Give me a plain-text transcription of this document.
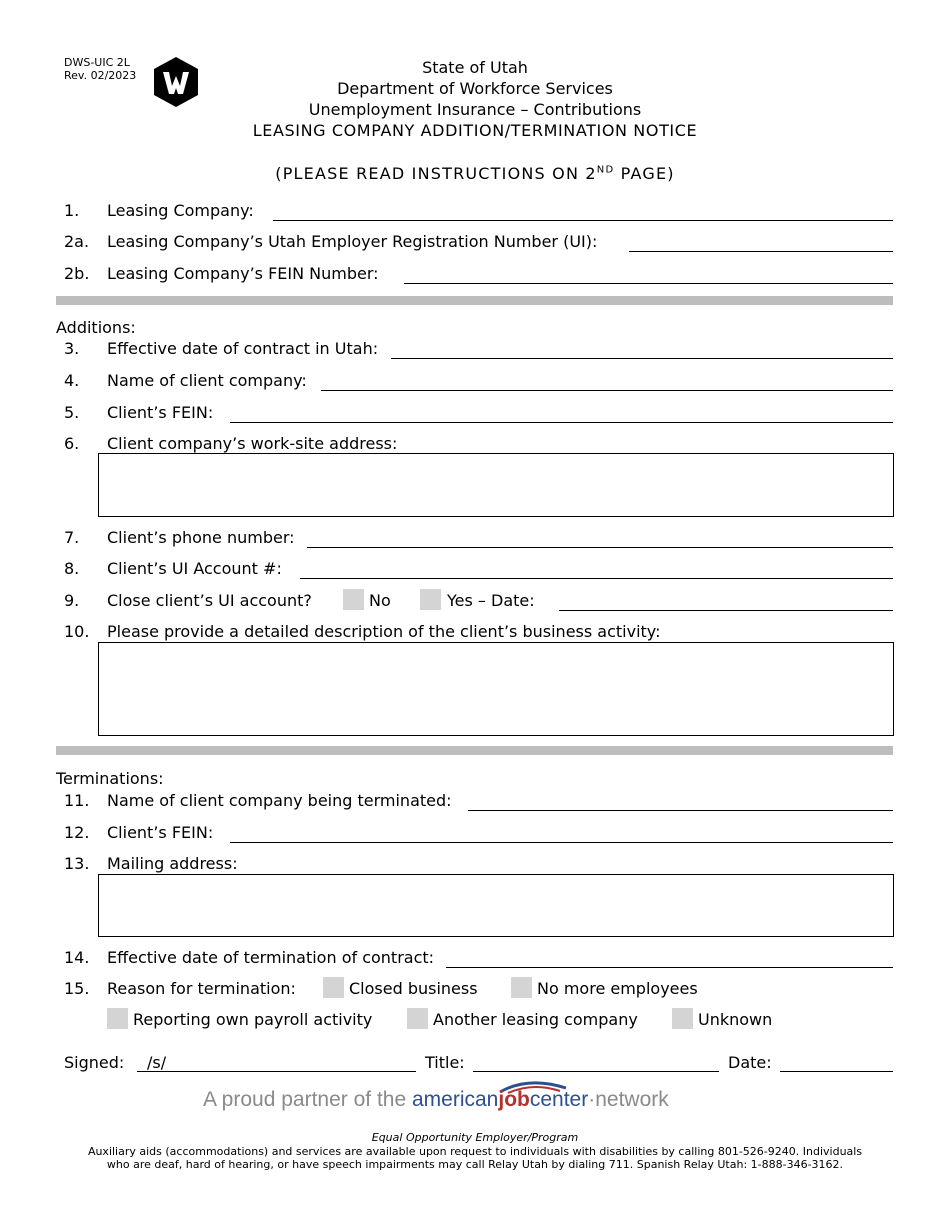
DWS-UIC 2L
Rev. 02/2023	State of Utah
Department of Workforce Services
Unemployment Insurance – Contributions
LEASING COMPANY ADDITION/TERMINATION NOTICE
(PLEASE READ INSTRUCTIONS ON 2ND PAGE)
1. Leasing Company:
2a. Leasing Company’s Utah Employer Registration Number (UI):
2b. Leasing Company’s FEIN Number:
Additions:
3. Effective date of contract in Utah:
4. Name of client company:
5. Client’s FEIN:
6. Client company’s work-site address:
7. Client’s phone number:
8. Client’s UI Account #:
9. Close client’s UI account?	No	Yes – Date:
10. Please provide a detailed description of the client’s business activity:
Terminations:
11. Name of client company being terminated:
12. Client’s FEIN:
13. Mailing address:
14. Effective date of termination of contract:
15. Reason for termination:	Closed business	No more employees
Reporting own payroll activity	Another leasing company	Unknown
Signed: /s/	Title:	Date:
A proud partner of the americanjobcenter·network
Equal Opportunity Employer/Program
Auxiliary aids (accommodations) and services are available upon request to individuals with disabilities by calling 801-526-9240. Individuals
who are deaf, hard of hearing, or have speech impairments may call Relay Utah by dialing 711. Spanish Relay Utah: 1-888-346-3162.
